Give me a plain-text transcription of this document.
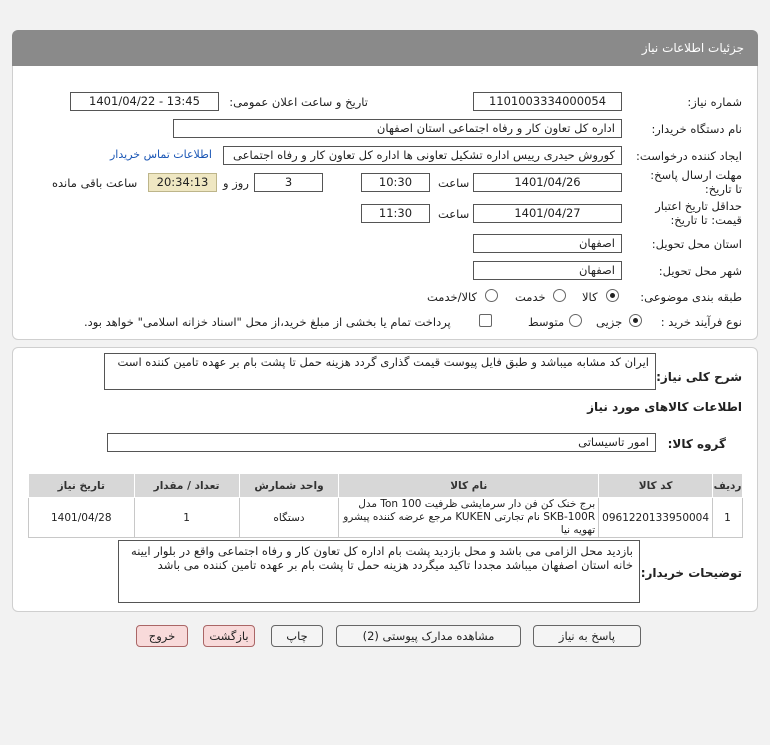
جزئیات اطلاعات نیاز
شماره نیاز:
1101003334000054
تاریخ و ساعت اعلان عمومی:
1401/04/22 - 13:45
نام دستگاه خریدار:
اداره کل تعاون کار و رفاه اجتماعی استان اصفهان
ایجاد کننده درخواست:
کوروش حیدری رییس اداره تشکیل تعاونی ها اداره کل تعاون کار و رفاه اجتماعی
اطلاعات تماس خریدار
مهلت ارسال پاسخ: تا تاریخ:
1401/04/26
ساعت
10:30
3
روز و
20:34:13
ساعت باقی مانده
حداقل تاریخ اعتبار قیمت: تا تاریخ:
1401/04/27
ساعت
11:30
استان محل تحویل:
اصفهان
شهر محل تحویل:
اصفهان
طبقه بندی موضوعی:
کالا
خدمت
کالا/خدمت
نوع فرآیند خرید :
جزیی
متوسط
پرداخت تمام یا بخشی از مبلغ خرید،از محل "اسناد خزانه اسلامی" خواهد بود.
شرح کلی نیاز:
ایران کد مشابه میباشد و طبق فایل پیوست قیمت گذاری گردد هزینه حمل تا پشت بام بر عهده تامین کننده است
اطلاعات کالاهای مورد نیاز
گروه کالا:
امور تاسیساتی
ردیف	کد کالا	نام کالا	واحد شمارش	تعداد / مقدار	تاریخ نیاز
1	0961220133950004	برج خنک کن فن دار سرمایشی ظرفیت 100 Ton مدل SKB-100R نام تجارتی KUKEN مرجع عرضه کننده پیشرو تهویه نیا	دستگاه	1	1401/04/28
توضیحات خریدار:
بازدید محل الزامی می باشد و محل بازدید پشت بام اداره کل تعاون کار و رفاه اجتماعی واقع در بلوار ایینه خانه استان اصفهان میباشد مجددا تاکید میگردد هزینه حمل تا پشت بام بر عهده تامین کننده می باشد
پاسخ به نیاز
مشاهده مدارک پیوستی (2)
چاپ
بازگشت
خروج
